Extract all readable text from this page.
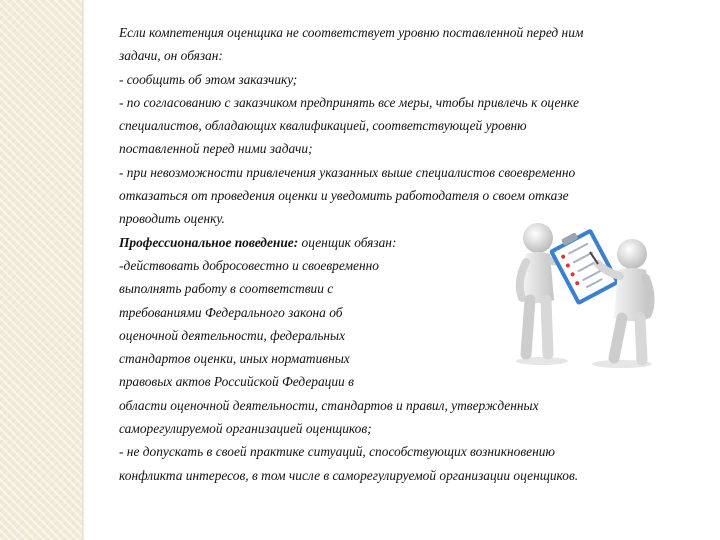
Если компетенция оценщика не соответствует уровню поставленной перед ним
задачи, он обязан:
- сообщить об этом заказчику;
- по согласованию с заказчиком предпринять все меры, чтобы привлечь к оценке
специалистов, обладающих квалификацией, соответствующей уровню
поставленной перед ними задачи;
- при невозможности привлечения указанных выше специалистов своевременно
отказаться от проведения оценки и уведомить работодателя о своем отказе
проводить оценку.
Профессиональное поведение: оценщик обязан:
-действовать добросовестно и своевременно
выполнять работу в соответствии с
требованиями Федерального закона об
оценочной деятельности, федеральных
стандартов оценки, иных нормативных
правовых актов Российской Федерации в
области оценочной деятельности, стандартов и правил, утвержденных
саморегулируемой организацией оценщиков;
- не допускать в своей практике ситуаций, способствующих возникновению
конфликта интересов, в том числе в саморегулируемой организации оценщиков.
